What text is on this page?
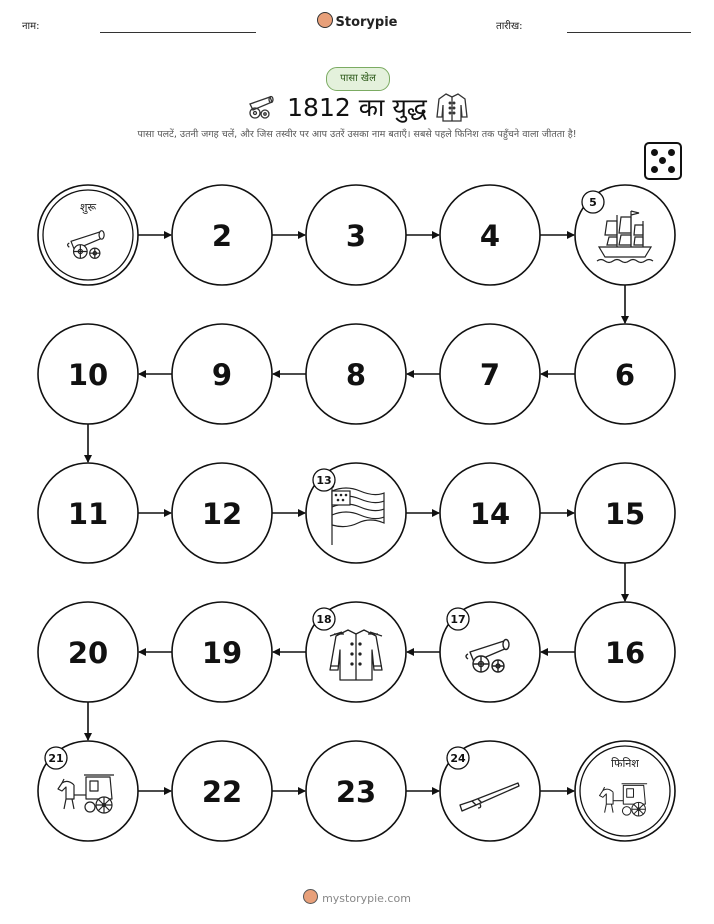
नाम:	Storypie	तारीख:
पासा खेल
1812 का युद्ध
पासा पलटें, उतनी जगह चलें, और जिस तस्वीर पर आप उतरें उसका नाम बताएँ। सबसे पहले फिनिश तक पहुँचने वाला जीतता है!
शुरू
2	3	4
5
6
7
8
9
10
11	12
13
14	15
16
17
18
19
20
21
22	23
24	फिनिश
mystorypie.com
